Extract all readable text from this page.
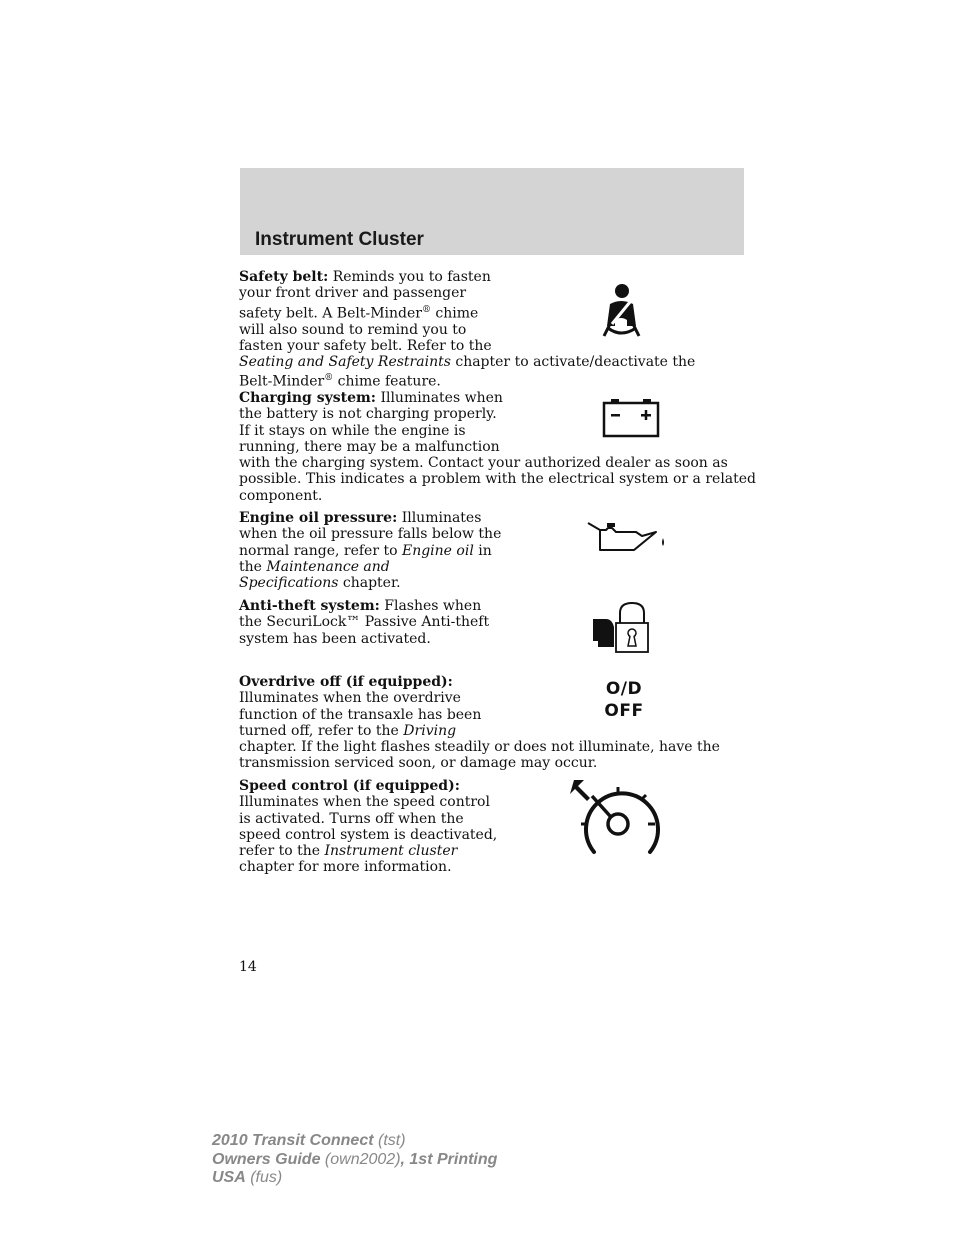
Instrument Cluster
Safety belt: Reminds you to fasten
your front driver and passenger
safety belt. A Belt-Minder® chime
will also sound to remind you to
fasten your safety belt. Refer to the
Seating and Safety Restraints chapter to activate/deactivate the
Belt-Minder® chime feature.
Charging system: Illuminates when
the battery is not charging properly.
If it stays on while the engine is
running, there may be a malfunction
with the charging system. Contact your authorized dealer as soon as
possible. This indicates a problem with the electrical system or a related
component.
Engine oil pressure: Illuminates
when the oil pressure falls below the
normal range, refer to Engine oil in
the Maintenance and
Specifications chapter.
Anti-theft system: Flashes when
the SecuriLock™ Passive Anti-theft
system has been activated.
Overdrive off (if equipped):
Illuminates when the overdrive
function of the transaxle has been
turned off, refer to the Driving
chapter. If the light flashes steadily or does not illuminate, have the
transmission serviced soon, or damage may occur.
O/D
OFF
Speed control (if equipped):
Illuminates when the speed control
is activated. Turns off when the
speed control system is deactivated,
refer to the Instrument cluster
chapter for more information.
14
2010 Transit Connect (tst)
Owners Guide (own2002), 1st Printing
USA (fus)
